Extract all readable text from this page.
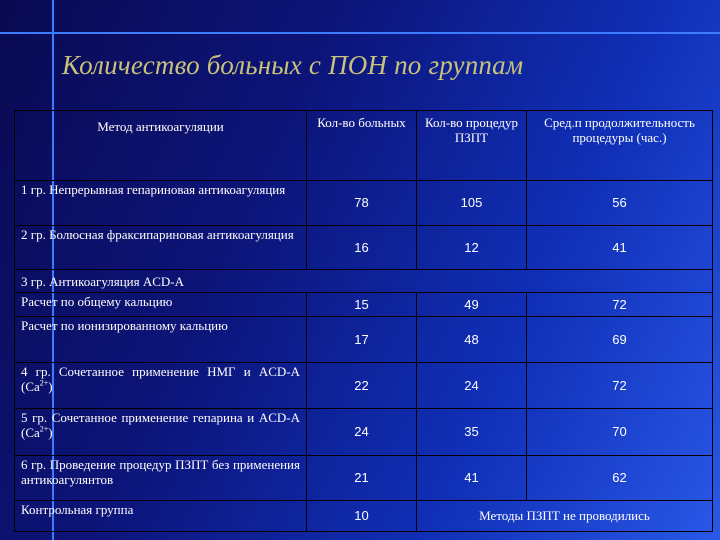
Количество больных с ПОН по группам
Метод антикоагуляции	Кол-во больных	Кол-во процедур ПЗПТ	Сред.п продолжительность процедуры (час.)
1 гр. Непрерывная гепариновая антикоагуляция	78	105	56
2 гр. Болюсная фраксипариновая антикоагуляция	16	12	41
3 гр. Антикоагуляция ACD-A			
Расчет по общему кальцию	15	49	72
Расчет по ионизированному кальцию	17	48	69
4 гр. Сочетанное применение НМГ и ACD-A $(Ca^{2+})$	22	24	72
5 гр. Сочетанное применение гепарина и ACD-A $(Ca^{2+})$	24	35	70
6 гр. Проведение процедур ПЗПТ без применения антикоагулянтов	21	41	62
Контрольная группа	10	Методы ПЗПТ не проводились	
